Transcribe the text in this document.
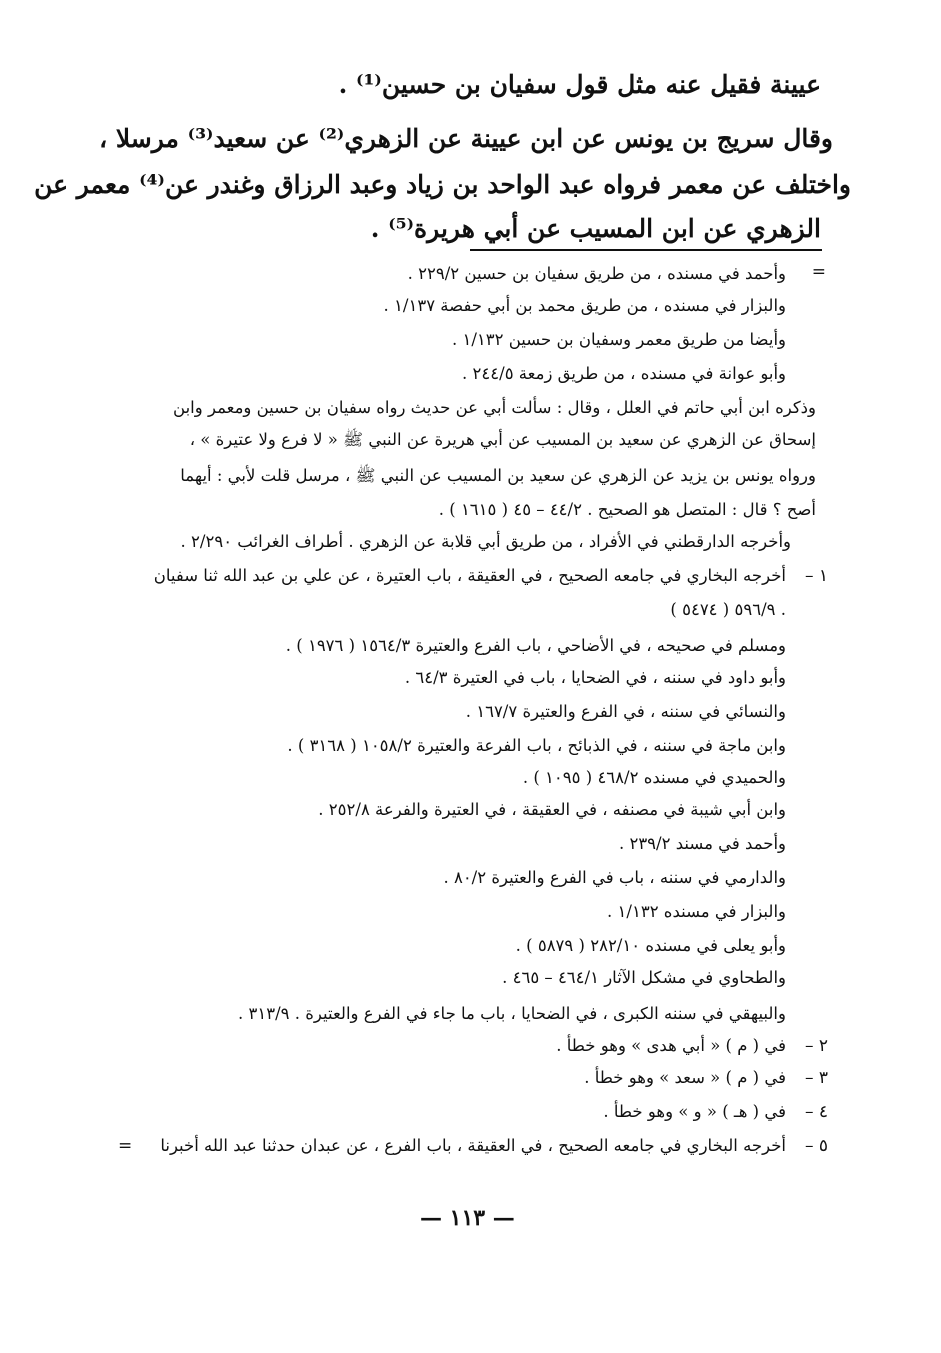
عيينة فقيل عنه مثل قول سفيان بن حسين⁽¹⁾ .
وقال سريج بن يونس عن ابن عيينة عن الزهري⁽²⁾ عن سعيد⁽³⁾ مرسلا ،
واختلف عن معمر فرواه عبد الواحد بن زياد وعبد الرزاق وغندر عن⁽⁴⁾ معمر عن
الزهري عن ابن المسيب عن أبي هريرة⁽⁵⁾ .
=
وأحمد في مسنده ، من طريق سفيان بن حسين ٢٢٩/٢ .
والبزار في مسنده ، من طريق محمد بن أبي حفصة ١/١٣٧ .
وأيضا من طريق معمر وسفيان بن حسين ١/١٣٢ .
وأبو عوانة في مسنده ، من طريق زمعة ٢٤٤/٥ .
وذكره ابن أبي حاتم في العلل ، وقال : سألت أبي عن حديث رواه سفيان بن حسين ومعمر وابن
إسحاق عن الزهري عن سعيد بن المسيب عن أبي هريرة عن النبي ﷺ « لا فرع ولا عتيرة » ،
ورواه يونس بن يزيد عن الزهري عن سعيد بن المسيب عن النبي ﷺ ، مرسل قلت لأبي : أيهما
أصح ؟ قال : المتصل هو الصحيح . ٤٤/٢ – ٤٥ ( ١٦١٥ ) .
وأخرجه الدارقطني في الأفراد ، من طريق أبي قلابة عن الزهري . أطراف الغرائب ٢/٢٩٠ .
١ –
أخرجه البخاري في جامعه الصحيح ، في العقيقة ، باب العتيرة ، عن علي بن عبد الله ثنا سفيان
٥٩٦/٩ ( ٥٤٧٤ ) .
ومسلم في صحيحه ، في الأضاحي ، باب الفرع والعتيرة ١٥٦٤/٣ ( ١٩٧٦ ) .
وأبو داود في سننه ، في الضحايا ، باب في العتيرة ٦٤/٣ .
والنسائي في سننه ، في الفرع والعتيرة ١٦٧/٧ .
وابن ماجة في سننه ، في الذبائح ، باب الفرعة والعتيرة ١٠٥٨/٢ ( ٣١٦٨ ) .
والحميدي في مسنده ٤٦٨/٢ ( ١٠٩٥ ) .
وابن أبي شيبة في مصنفه ، في العقيقة ، في العتيرة والفرعة ٢٥٢/٨ .
وأحمد في مسند ٢٣٩/٢ .
والدارمي في سننه ، باب في الفرع والعتيرة ٨٠/٢ .
والبزار في مسنده ١/١٣٢ .
وأبو يعلى في مسنده ٢٨٢/١٠ ( ٥٨٧٩ ) .
والطحاوي في مشكل الآثار ٤٦٤/١ – ٤٦٥ .
والبيهقي في سننه الكبرى ، في الضحايا ، باب ما جاء في الفرع والعتيرة . ٣١٣/٩ .
٢ –
في ( م ) « أبي هدى » وهو خطأ .
٣ –
في ( م ) « سعد » وهو خطأ .
٤ –
في ( هـ ) « و » وهو خطأ .
٥ –
أخرجه البخاري في جامعه الصحيح ، في العقيقة ، باب الفرع ، عن عبدان حدثنا عبد الله أخبرنا
=
— ١١٣ —
